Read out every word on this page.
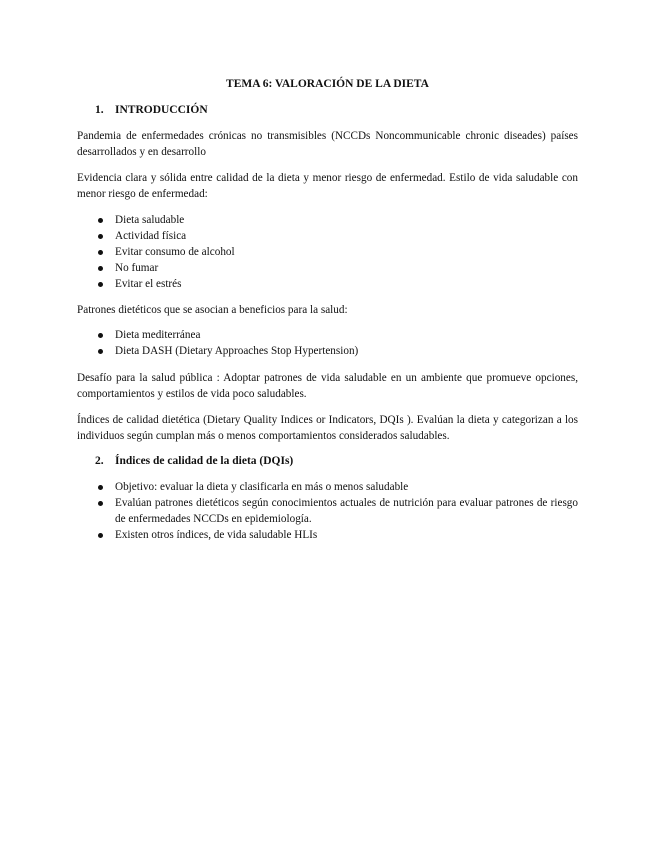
TEMA 6: VALORACIÓN DE LA DIETA
1. INTRODUCCIÓN

Pandemia de enfermedades crónicas no transmisibles (NCCDs Noncommunicable chronic diseades) países desarrollados y en desarrollo

Evidencia clara y sólida entre calidad de la dieta y menor riesgo de enfermedad. Estilo de vida saludable con menor riesgo de enfermedad:

Dieta saludable
Actividad física
Evitar consumo de alcohol
No fumar
Evitar el estrés

Patrones dietéticos que se asocian a beneficios para la salud:

Dieta mediterránea
Dieta DASH (Dietary Approaches Stop Hypertension)

Desafío para la salud pública : Adoptar patrones de vida saludable en un ambiente que promueve opciones, comportamientos y estilos de vida poco saludables.

Índices de calidad dietética (Dietary Quality Indices or Indicators, DQIs ). Evalúan la dieta y categorizan a los individuos según cumplan más o menos comportamientos considerados saludables.

2. Índices de calidad de la dieta (DQIs)
Objetivo: evaluar la dieta y clasificarla en más o menos saludable
Evalúan patrones dietéticos según conocimientos actuales de nutrición para evaluar patrones de riesgo de enfermedades NCCDs en epidemiología.
Existen otros índices, de vida saludable HLIs
